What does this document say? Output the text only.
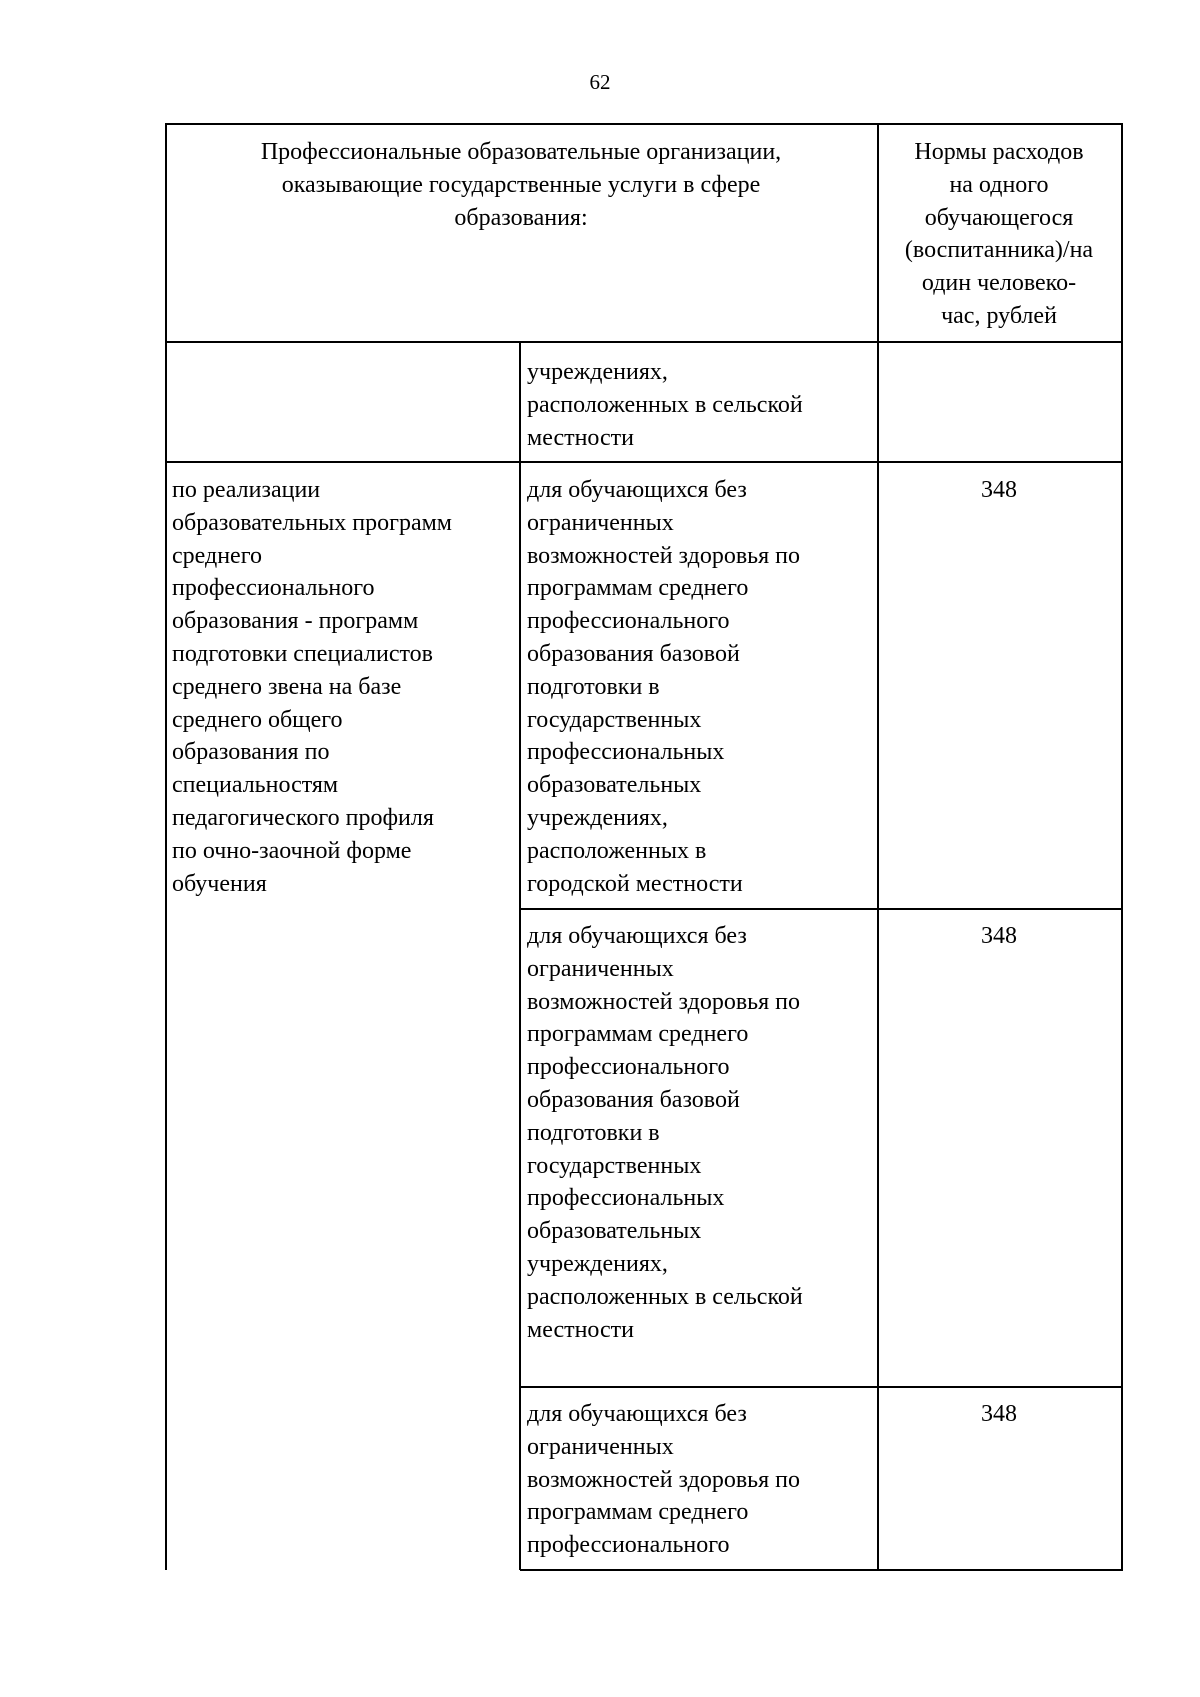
62
Профессиональные образовательные организации,
оказывающие государственные услуги в сфере
образования:
Нормы расходов
на одного
обучающегося
(воспитанника)/на
один человеко-
час, рублей
учреждениях,
расположенных в сельской
местности
по реализации
образовательных программ
среднего
профессионального
образования - программ
подготовки специалистов
среднего звена на базе
среднего общего
образования по
специальностям
педагогического профиля
по очно-заочной форме
обучения
для обучающихся без
ограниченных
возможностей здоровья по
программам среднего
профессионального
образования базовой
подготовки в
государственных
профессиональных
образовательных
учреждениях,
расположенных в
городской местности
348
для обучающихся без
ограниченных
возможностей здоровья по
программам среднего
профессионального
образования базовой
подготовки в
государственных
профессиональных
образовательных
учреждениях,
расположенных в сельской
местности
348
для обучающихся без
ограниченных
возможностей здоровья по
программам среднего
профессионального
348
